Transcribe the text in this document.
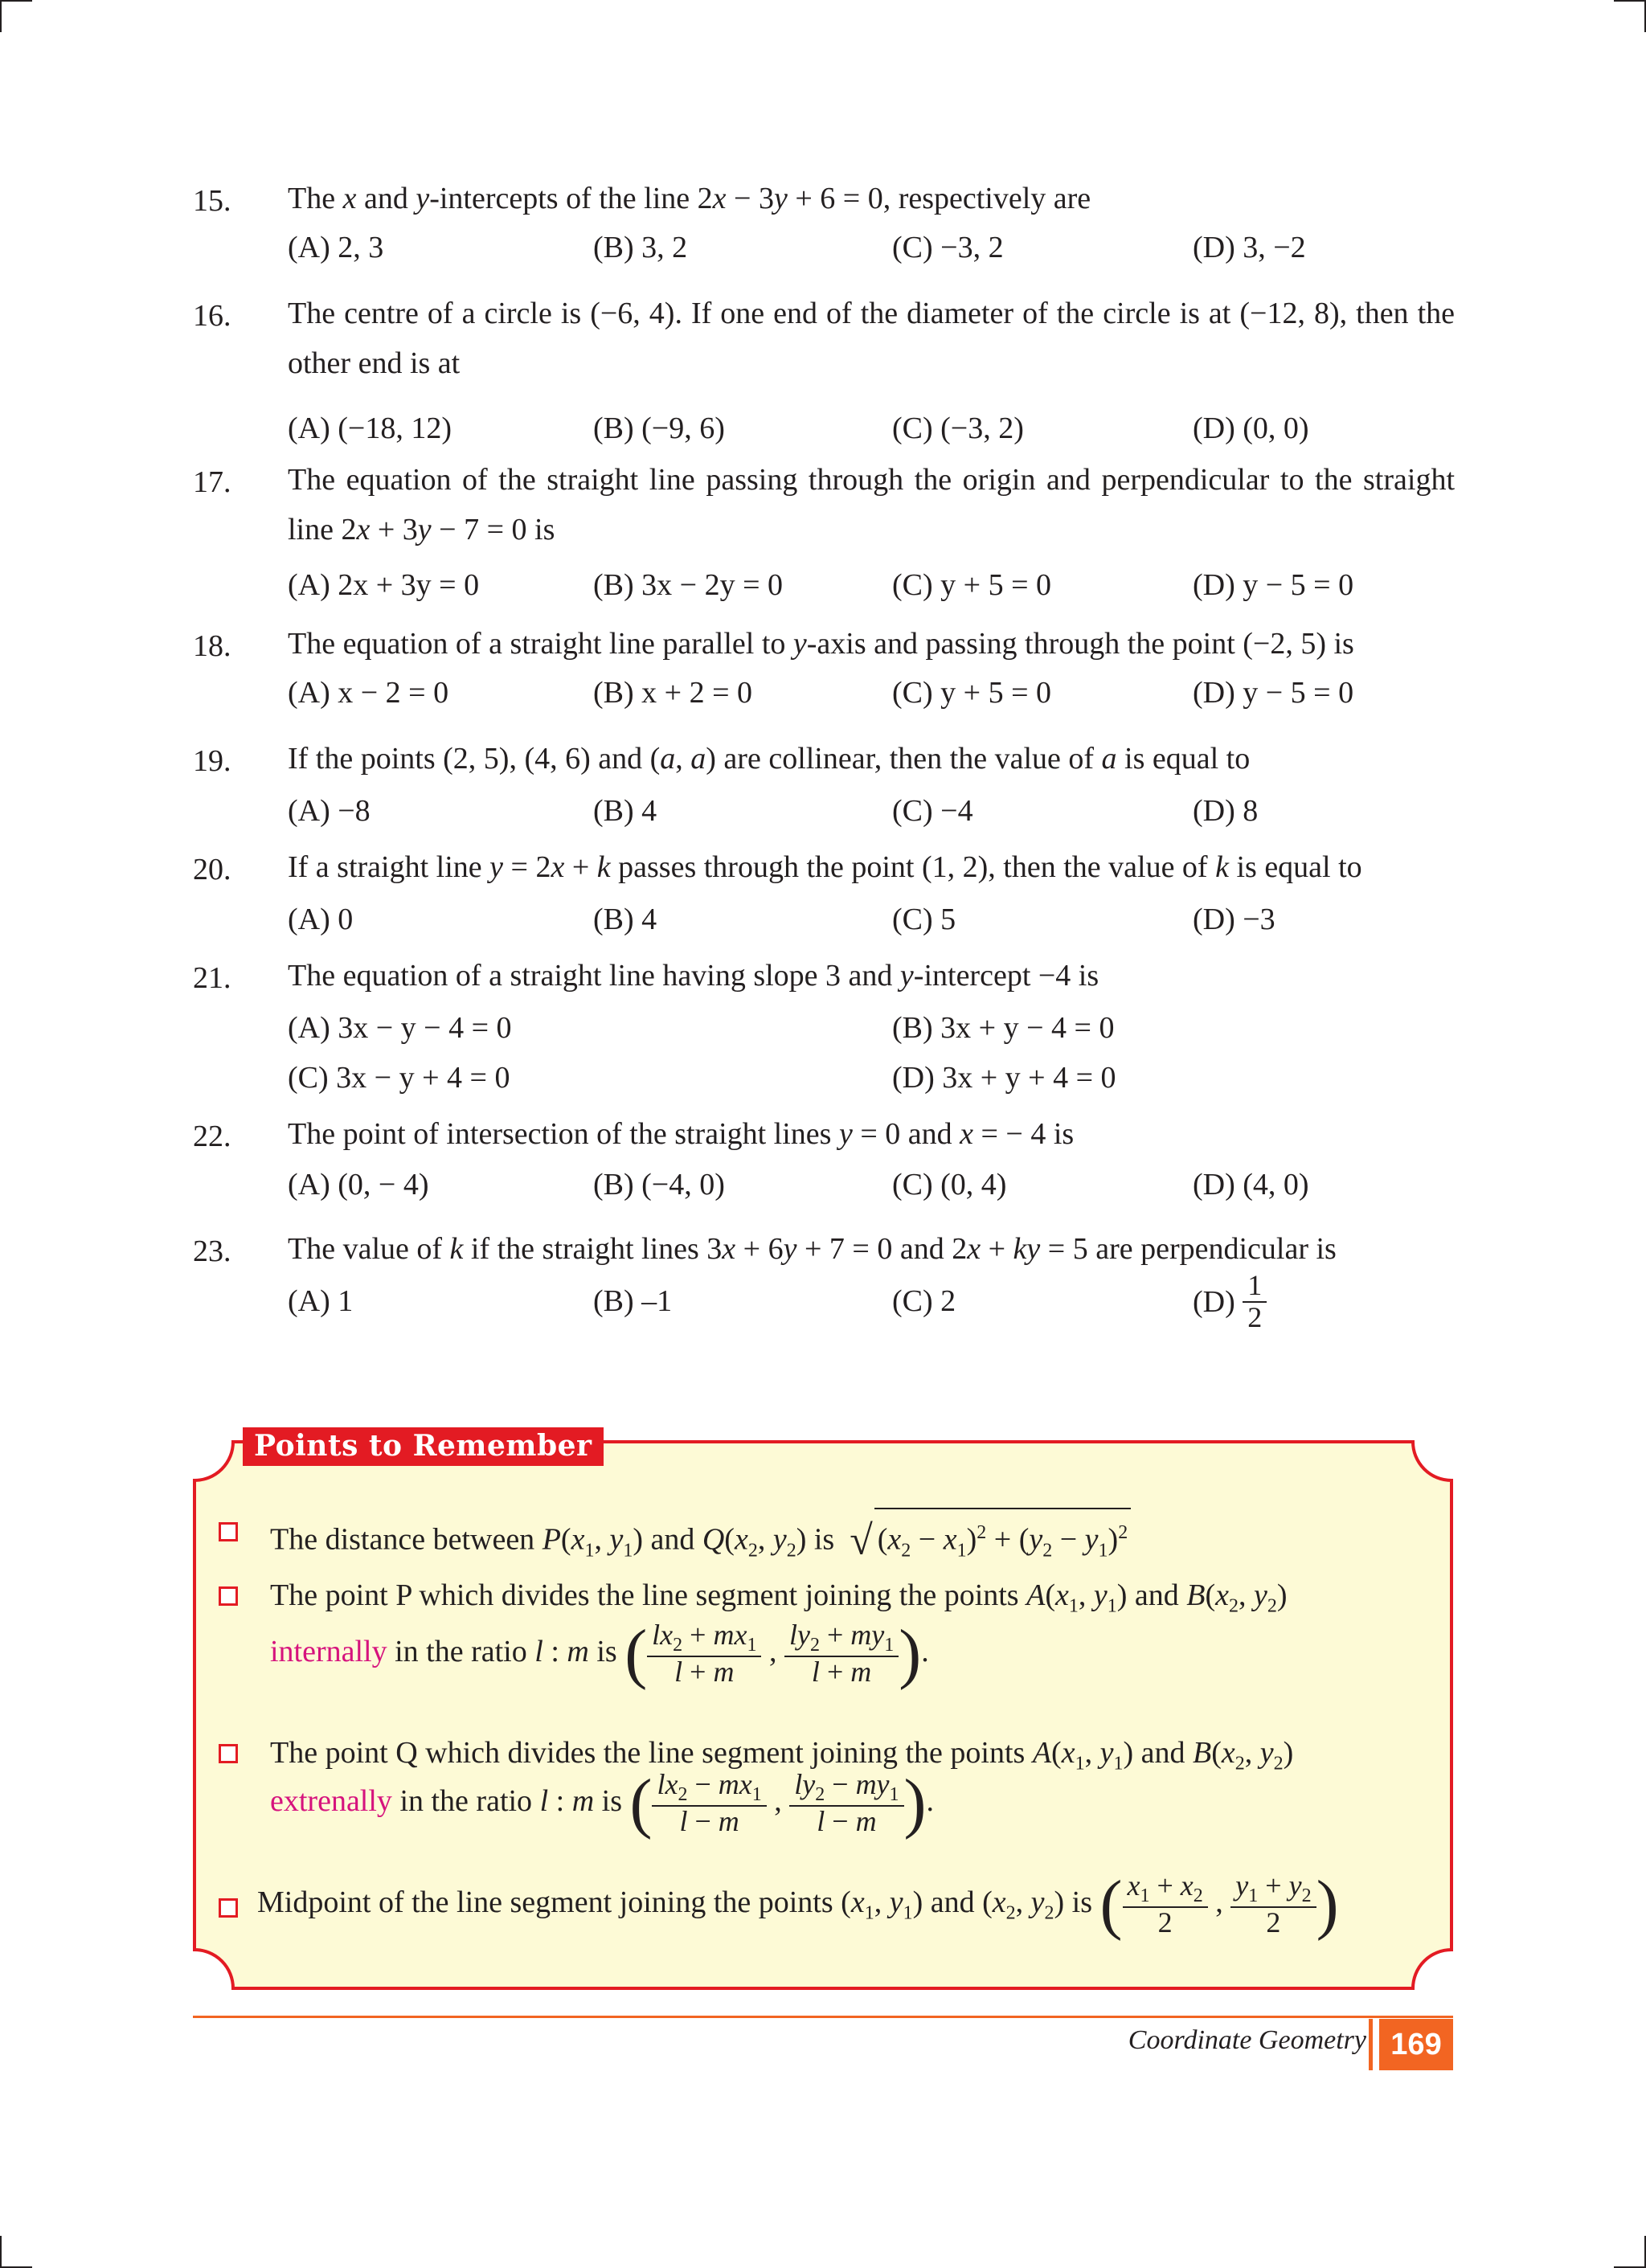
15. The x and y-intercepts of the line 2x − 3y + 6 = 0, respectively are
(A) 2, 3	(B) 3, 2	(C) −3, 2	(D) 3, −2
16. The centre of a circle is (−6, 4). If one end of the diameter of the circle is at (−12, 8), then the other end is at
(A) (−18, 12)	(B) (−9, 6)	(C) (−3, 2)	(D) (0, 0)
17. The equation of the straight line passing through the origin and perpendicular to the straight line 2x + 3y − 7 = 0 is
(A) 2x + 3y = 0	(B) 3x − 2y = 0	(C) y + 5 = 0	(D) y − 5 = 0
18. The equation of a straight line parallel to y-axis and passing through the point (−2, 5) is
(A) x − 2 = 0	(B) x + 2 = 0	(C) y + 5 = 0	(D) y − 5 = 0
19. If the points (2, 5), (4, 6) and (a, a) are collinear, then the value of a is equal to
(A) −8	(B) 4	(C) −4	(D) 8
20. If a straight line y = 2x + k passes through the point (1, 2), then the value of k is equal to
(A) 0	(B) 4	(C) 5	(D) −3
21. The equation of a straight line having slope 3 and y-intercept −4 is
(A) 3x − y − 4 = 0	(B) 3x + y − 4 = 0
(C) 3x − y + 4 = 0	(D) 3x + y + 4 = 0
22. The point of intersection of the straight lines y = 0 and x = − 4 is
(A) (0, − 4)	(B) (−4, 0)	(C) (0, 4)	(D) (4, 0)
23. The value of k if the straight lines 3x + 6y + 7 = 0 and 2x + ky = 5 are perpendicular is
(A) 1	(B) –1	(C) 2	$(D) \frac{1}{2}$
Points to Remember
The distance between $P(x_1$, $y_1$) and $Q(x_2$, $y_2$) is √ $(x_2 - x_1)^2 + (y_2 - y_1)^2$
The point P which divides the line segment joining the points $A(x_1$, $y_1$) and $B(x_2$, $y_2$)
internally in the ratio l : m is ( $\frac{lx_2 + mx_1}{l + m}$ , $\frac{ly_2 + my_1}{l + m}$ ).
The point Q which divides the line segment joining the points $A(x_1$, $y_1$) and $B(x_2$, $y_2$)
extrenally in the ratio l : m is ( $\frac{lx_2 - mx_1}{l - m}$ , $\frac{ly_2 - my_1}{l - m}$ ).
Midpoint of the line segment joining the points ($x_1$, $y_1$) and ($x_2$, $y_2$) is ( $\frac{x_1 + x_2}{2}$ , $\frac{y_1 + y_2}{2}$ )
Coordinate Geometry 169
